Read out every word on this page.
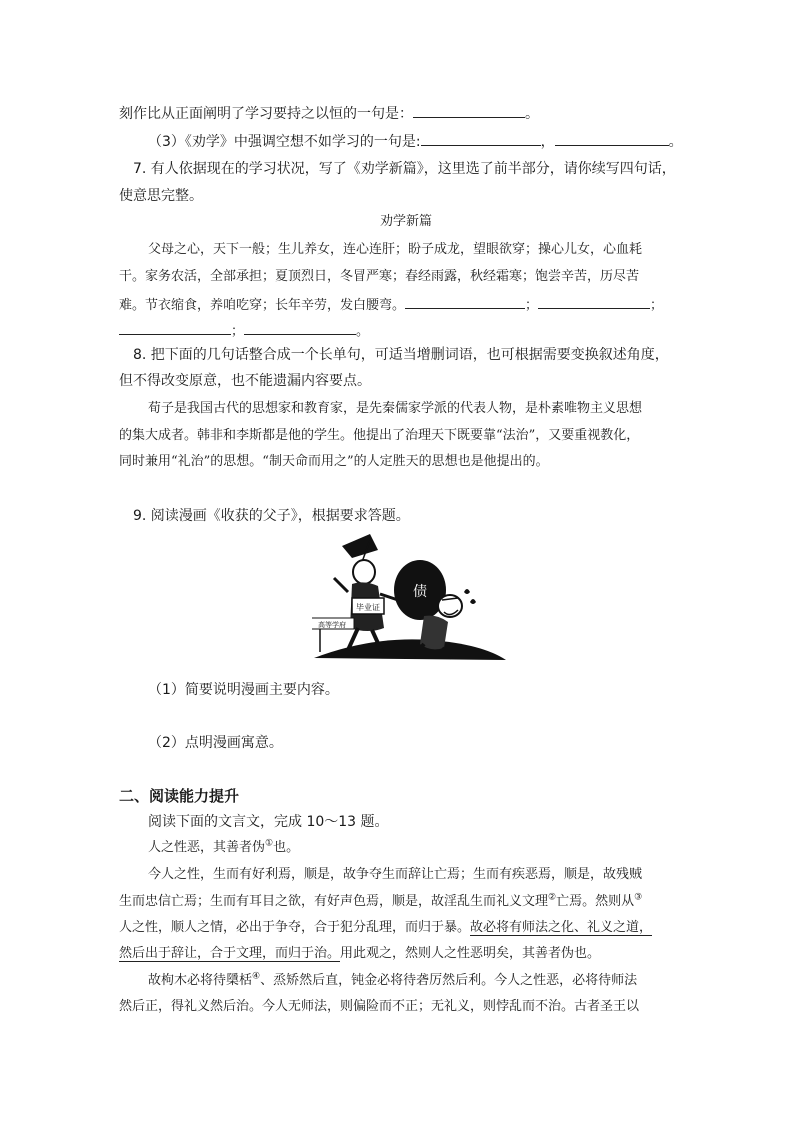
刻作比从正面阐明了学习要持之以恒的一句是：	。
（3）《劝学》中强调空想不如学习的一句是:	，	。
7. 有人依据现在的学习状况，写了《劝学新篇》，这里选了前半部分，请你续写四句话，
使意思完整。
劝学新篇
父母之心，天下一般；生儿养女，连心连肝；盼子成龙，望眼欲穿；操心儿女，心血耗
干。家务农活，全部承担；夏顶烈日，冬冒严寒；春经雨露，秋经霜寒；饱尝辛苦，历尽苦
难。节衣缩食，养咱吃穿；长年辛劳，发白腰弯。	；	；
；	。
8. 把下面的几句话整合成一个长单句，可适当增删词语，也可根据需要变换叙述角度，
但不得改变原意，也不能遗漏内容要点。
荀子是我国古代的思想家和教育家，是先秦儒家学派的代表人物，是朴素唯物主义思想
的集大成者。韩非和李斯都是他的学生。他提出了治理天下既要靠“法治”，又要重视教化，
同时兼用“礼治”的思想。“制天命而用之”的人定胜天的思想也是他提出的。
9. 阅读漫画《收获的父子》，根据要求答题。
毕业证
高等学府
债
（1）简要说明漫画主要内容。
（2）点明漫画寓意。
二、阅读能力提升
阅读下面的文言文，完成 10～13 题。
人之性恶，其善者伪①也。
今人之性，生而有好利焉，顺是，故争夺生而辞让亡焉；生而有疾恶焉，顺是，故残贼
生而忠信亡焉；生而有耳目之欲，有好声色焉，顺是，故淫乱生而礼义文理②亡焉。然则从③
人之性，顺人之情，必出于争夺，合于犯分乱理，而归于暴。故必将有师法之化、礼义之道，
然后出于辞让，合于文理，而归于治。用此观之，然则人之性恶明矣，其善者伪也。
故枸木必将待檃栝④、烝矫然后直，钝金必将待砻厉然后利。今人之性恶，必将待师法
然后正，得礼义然后治。今人无师法，则偏险而不正；无礼义，则悖乱而不治。古者圣王以
